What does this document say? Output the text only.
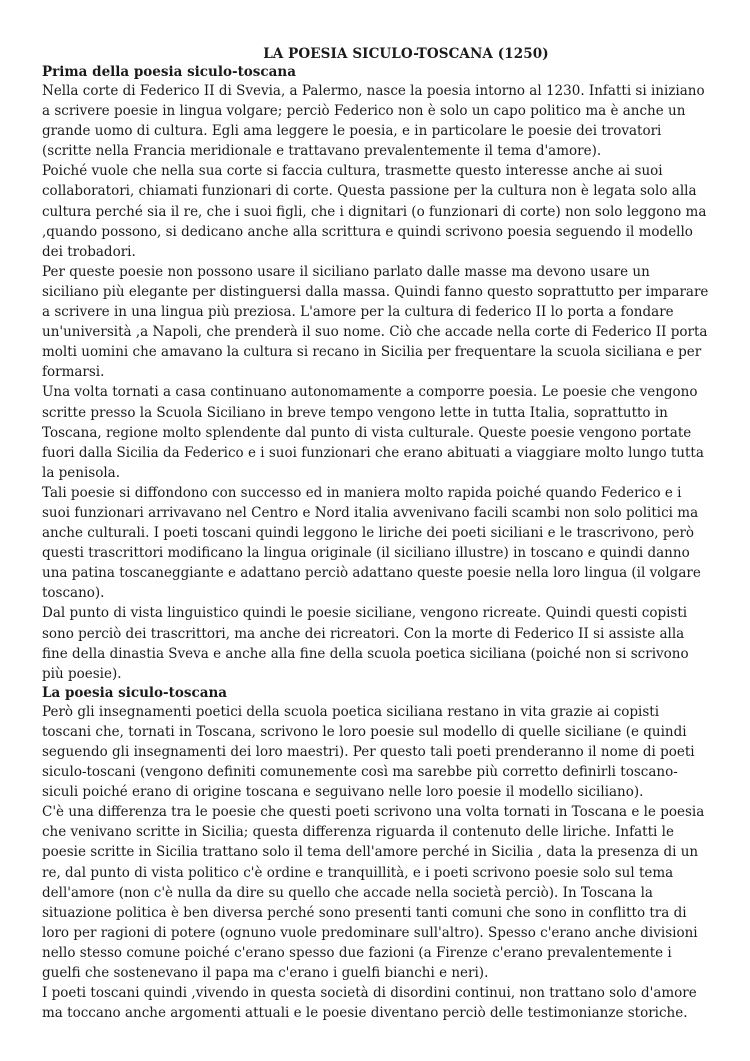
LA POESIA SICULO-TOSCANA (1250)
Prima della poesia siculo-toscana

Nella corte di Federico II di Svevia, a Palermo, nasce la poesia intorno al 1230. Infatti si iniziano a scrivere poesie in lingua volgare; perciò Federico non è solo un capo politico ma è anche un grande uomo di cultura. Egli ama leggere le poesia, e in particolare le poesie dei trovatori (scritte nella Francia meridionale e trattavano prevalentemente il tema d'amore).

Poiché vuole che nella sua corte si faccia cultura, trasmette questo interesse anche ai suoi collaboratori, chiamati funzionari di corte. Questa passione per la cultura non è legata solo alla cultura perché sia il re, che i suoi figli, che i dignitari (o funzionari di corte) non solo leggono ma ,quando possono, si dedicano anche alla scrittura e quindi scrivono poesia seguendo il modello dei trobadori.

Per queste poesie non possono usare il siciliano parlato dalle masse ma devono usare un siciliano più elegante per distinguersi dalla massa. Quindi fanno questo soprattutto per imparare a scrivere in una lingua più preziosa. L'amore per la cultura di federico II lo porta a fondare un'università ,a Napoli, che prenderà il suo nome. Ciò che accade nella corte di Federico II porta molti uomini che amavano la cultura si recano in Sicilia per frequentare la scuola siciliana e per formarsi.

Una volta tornati a casa continuano autonomamente a comporre poesia. Le poesie che vengono scritte presso la Scuola Siciliano in breve tempo vengono lette in tutta Italia, soprattutto in Toscana, regione molto splendente dal punto di vista culturale. Queste poesie vengono portate fuori dalla Sicilia da Federico e i suoi funzionari che erano abituati a viaggiare molto lungo tutta la penisola.

Tali poesie si diffondono con successo ed in maniera molto rapida poiché quando Federico e i suoi funzionari arrivavano nel Centro e Nord italia avvenivano facili scambi non solo politici ma anche culturali. I poeti toscani quindi leggono le liriche dei poeti siciliani e le trascrivono, però questi trascrittori modificano la lingua originale (il siciliano illustre) in toscano e quindi danno una patina toscaneggiante e adattano perciò adattano queste poesie nella loro lingua (il volgare toscano).

Dal punto di vista linguistico quindi le poesie siciliane, vengono ricreate. Quindi questi copisti sono perciò dei trascrittori, ma anche dei ricreatori. Con la morte di Federico II si assiste alla fine della dinastia Sveva e anche alla fine della scuola poetica siciliana (poiché non si scrivono più poesie).

La poesia siculo-toscana

Però gli insegnamenti poetici della scuola poetica siciliana restano in vita grazie ai copisti toscani che, tornati in Toscana, scrivono le loro poesie sul modello di quelle siciliane (e quindi seguendo gli insegnamenti dei loro maestri). Per questo tali poeti prenderanno il nome di poeti siculo-toscani (vengono definiti comunemente così ma sarebbe più corretto definirli toscano-siculi poiché erano di origine toscana e seguivano nelle loro poesie il modello siciliano).

C'è una differenza tra le poesie che questi poeti scrivono una volta tornati in Toscana e le poesia che venivano scritte in Sicilia; questa differenza riguarda il contenuto delle liriche. Infatti le poesie scritte in Sicilia trattano solo il tema dell'amore perché in Sicilia , data la presenza di un re, dal punto di vista politico c'è ordine e tranquillità, e i poeti scrivono poesie solo sul tema dell'amore (non c'è nulla da dire su quello che accade nella società perciò). In Toscana la situazione politica è ben diversa perché sono presenti tanti comuni che sono in conflitto tra di loro per ragioni di potere (ognuno vuole predominare sull'altro). Spesso c'erano anche divisioni nello stesso comune poiché c'erano spesso due fazioni (a Firenze c'erano prevalentemente i guelfi che sostenevano il papa ma c'erano i guelfi bianchi e neri).

I poeti toscani quindi ,vivendo in questa società di disordini continui, non trattano solo d'amore ma toccano anche argomenti attuali e le poesie diventano perciò delle testimonianze storiche.
